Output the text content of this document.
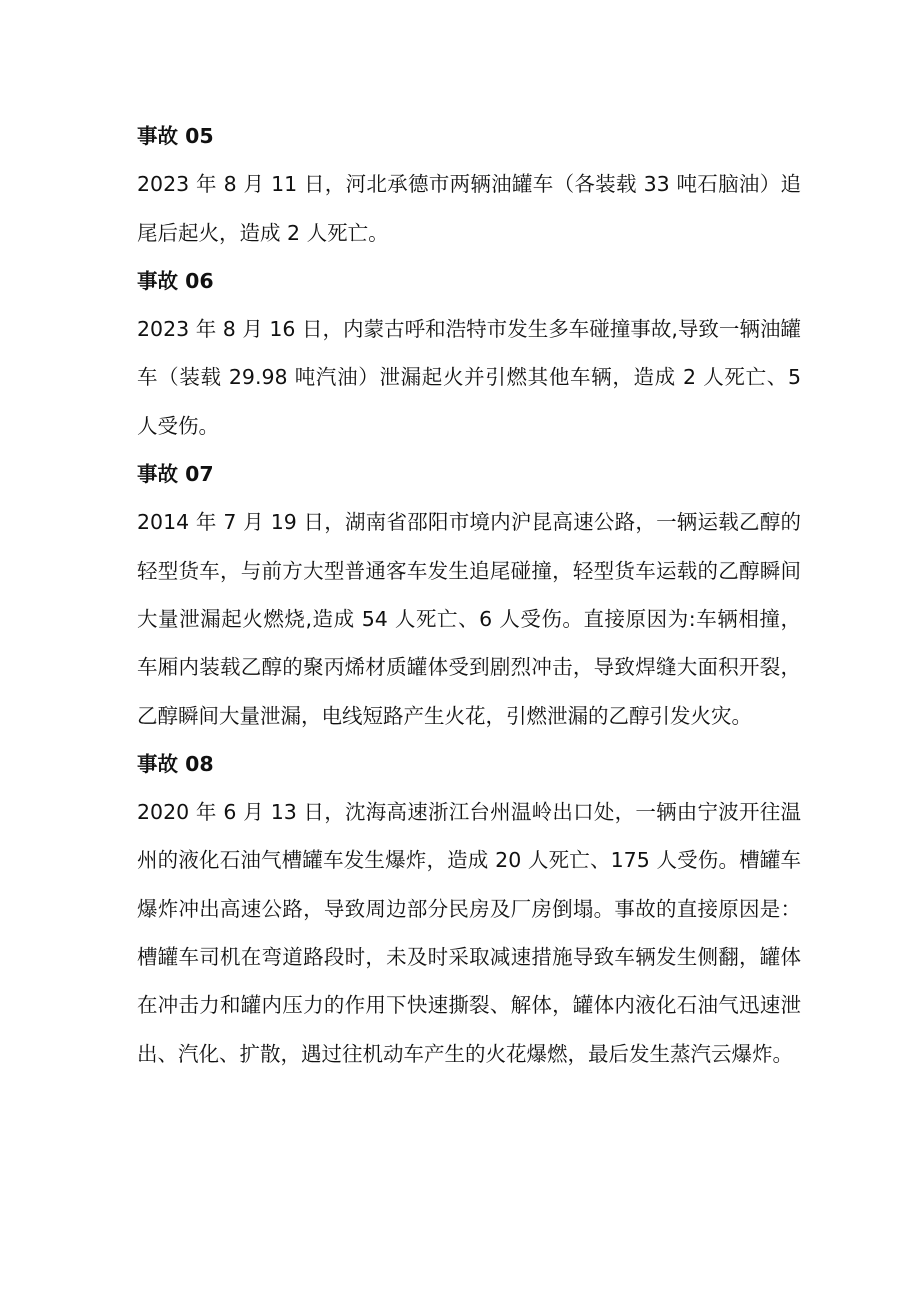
事故 05

2023 年 8 月 11 日，河北承德市两辆油罐车（各装载 33 吨石脑油）追尾后起火，造成 2 人死亡。

事故 06

2023 年 8 月 16 日，内蒙古呼和浩特市发生多车碰撞事故,导致一辆油罐车（装载 29.98 吨汽油）泄漏起火并引燃其他车辆，造成 2 人死亡、5 人受伤。

事故 07

2014 年 7 月 19 日，湖南省邵阳市境内沪昆高速公路，一辆运载乙醇的轻型货车，与前方大型普通客车发生追尾碰撞，轻型货车运载的乙醇瞬间大量泄漏起火燃烧,造成 54 人死亡、6 人受伤。直接原因为:车辆相撞，车厢内装载乙醇的聚丙烯材质罐体受到剧烈冲击，导致焊缝大面积开裂，乙醇瞬间大量泄漏，电线短路产生火花，引燃泄漏的乙醇引发火灾。

事故 08

2020 年 6 月 13 日，沈海高速浙江台州温岭出口处，一辆由宁波开往温州的液化石油气槽罐车发生爆炸，造成 20 人死亡、175 人受伤。槽罐车爆炸冲出高速公路，导致周边部分民房及厂房倒塌。事故的直接原因是：槽罐车司机在弯道路段时，未及时采取减速措施导致车辆发生侧翻，罐体在冲击力和罐内压力的作用下快速撕裂、解体，罐体内液化石油气迅速泄出、汽化、扩散，遇过往机动车产生的火花爆燃，最后发生蒸汽云爆炸。
